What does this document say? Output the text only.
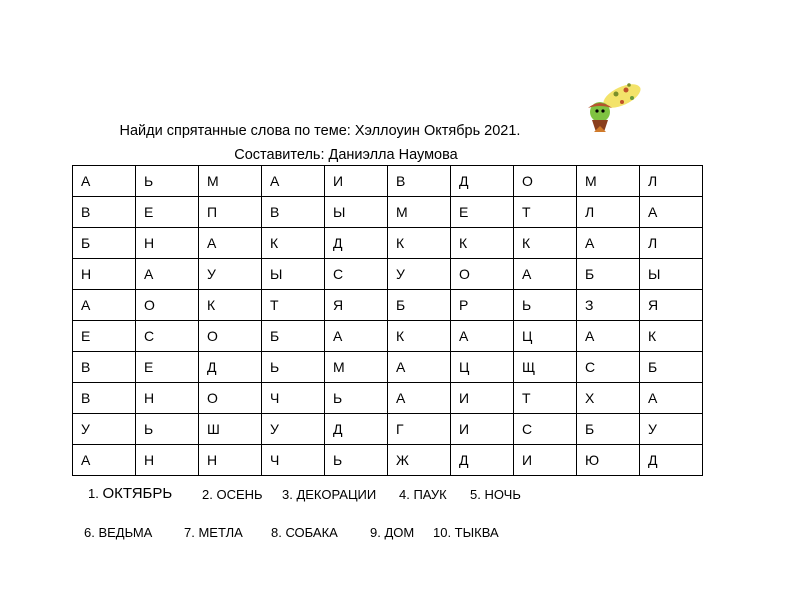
Найди спрятанные слова по теме: Хэллоуин Октябрь 2021.
Составитель: Даниэлла Наумова
А	Ь	М	А	И	В	Д	О	М	Л
В	Е	П	В	Ы	М	Е	Т	Л	А
Б	Н	А	К	Д	К	К	К	А	Л
Н	А	У	Ы	С	У	О	А	Б	Ы
А	О	К	Т	Я	Б	Р	Ь	З	Я
Е	С	О	Б	А	К	А	Ц	А	К
В	Е	Д	Ь	М	А	Ц	Щ	С	Б
В	Н	О	Ч	Ь	А	И	Т	Х	А
У	Ь	Ш	У	Д	Г	И	С	Б	У
А	Н	Н	Ч	Ь	Ж	Д	И	Ю	Д
1. ОКТЯБРЬ 2. ОСЕНЬ 3. ДЕКОРАЦИИ 4. ПАУК 5. НОЧЬ
6. ВЕДЬМА 7. МЕТЛА 8. СОБАКА 9. ДОМ 10. ТЫКВА
